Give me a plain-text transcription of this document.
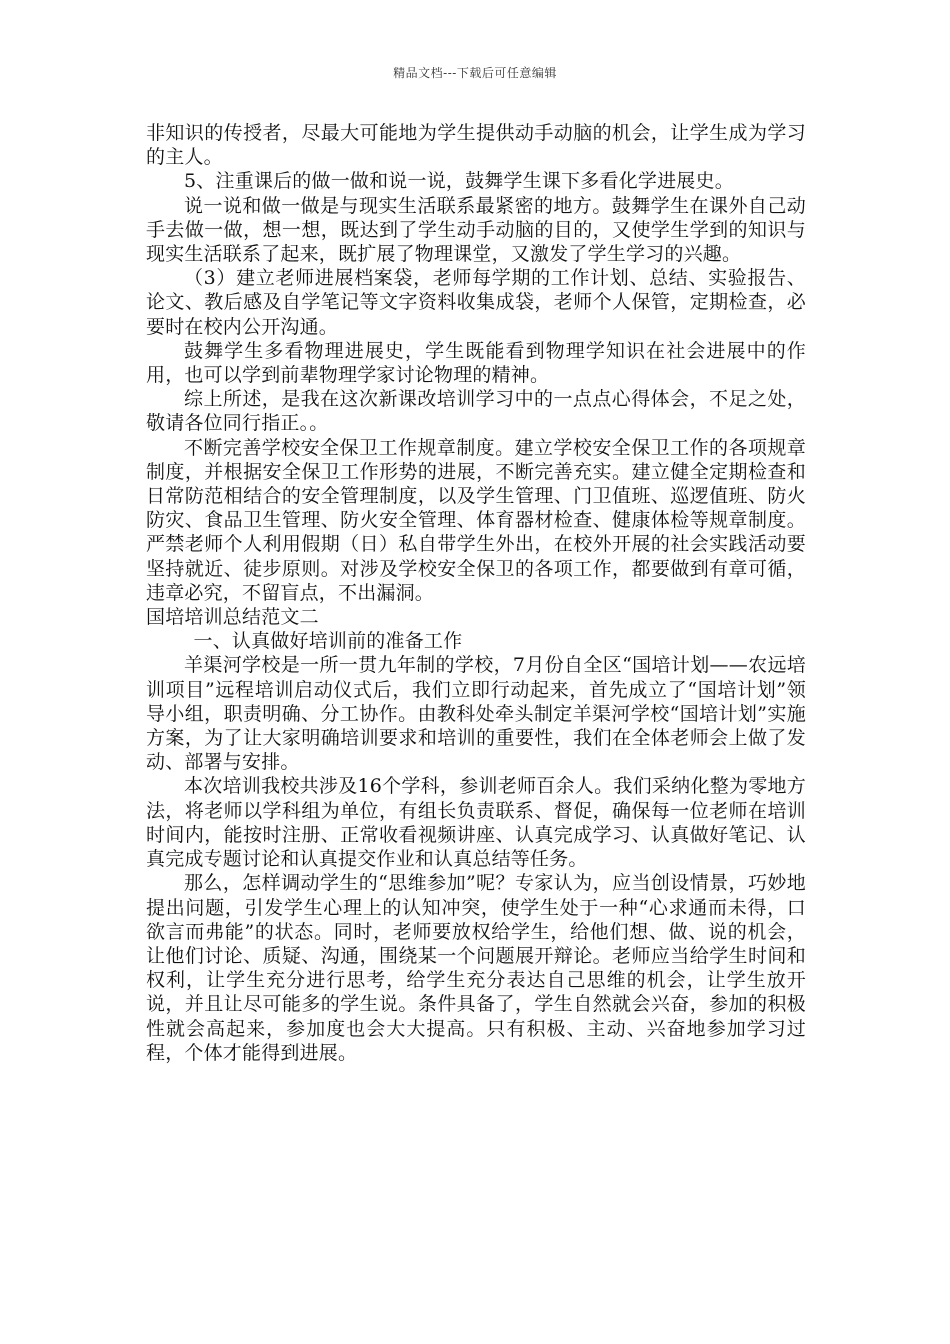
精品文档---下载后可任意编辑

非知识的传授者，尽最大可能地为学生提供动手动脑的机会，让学生成为学习的主人。

5、注重课后的做一做和说一说，鼓舞学生课下多看化学进展史。

说一说和做一做是与现实生活联系最紧密的地方。鼓舞学生在课外自己动手去做一做，想一想，既达到了学生动手动脑的目的，又使学生学到的知识与现实生活联系了起来，既扩展了物理课堂，又激发了学生学习的兴趣。

（3）建立老师进展档案袋，老师每学期的工作计划、总结、实验报告、论文、教后感及自学笔记等文字资料收集成袋，老师个人保管，定期检查，必要时在校内公开沟通。

鼓舞学生多看物理进展史，学生既能看到物理学知识在社会进展中的作用，也可以学到前辈物理学家讨论物理的精神。

综上所述，是我在这次新课改培训学习中的一点点心得体会，不足之处，敬请各位同行指正。。

不断完善学校安全保卫工作规章制度。建立学校安全保卫工作的各项规章制度，并根据安全保卫工作形势的进展，不断完善充实。建立健全定期检查和日常防范相结合的安全管理制度，以及学生管理、门卫值班、巡逻值班、防火防灾、食品卫生管理、防火安全管理、体育器材检查、健康体检等规章制度。严禁老师个人利用假期（日）私自带学生外出，在校外开展的社会实践活动要坚持就近、徒步原则。对涉及学校安全保卫的各项工作，都要做到有章可循，违章必究，不留盲点，不出漏洞。

国培培训总结范文二

一、认真做好培训前的准备工作

羊渠河学校是一所一贯九年制的学校，7月份自全区“国培计划——农远培训项目”远程培训启动仪式后，我们立即行动起来，首先成立了“国培计划”领导小组，职责明确、分工协作。由教科处牵头制定羊渠河学校“国培计划”实施方案，为了让大家明确培训要求和培训的重要性，我们在全体老师会上做了发动、部署与安排。

本次培训我校共涉及16个学科，参训老师百余人。我们采纳化整为零地方法，将老师以学科组为单位，有组长负责联系、督促，确保每一位老师在培训时间内，能按时注册、正常收看视频讲座、认真完成学习、认真做好笔记、认真完成专题讨论和认真提交作业和认真总结等任务。

那么，怎样调动学生的“思维参加”呢？专家认为，应当创设情景，巧妙地提出问题，引发学生心理上的认知冲突，使学生处于一种“心求通而未得，口欲言而弗能”的状态。同时，老师要放权给学生，给他们想、做、说的机会，让他们讨论、质疑、沟通，围绕某一个问题展开辩论。老师应当给学生时间和权利，让学生充分进行思考，给学生充分表达自己思维的机会，让学生放开说，并且让尽可能多的学生说。条件具备了，学生自然就会兴奋，参加的积极性就会高起来，参加度也会大大提高。只有积极、主动、兴奋地参加学习过程，个体才能得到进展。
